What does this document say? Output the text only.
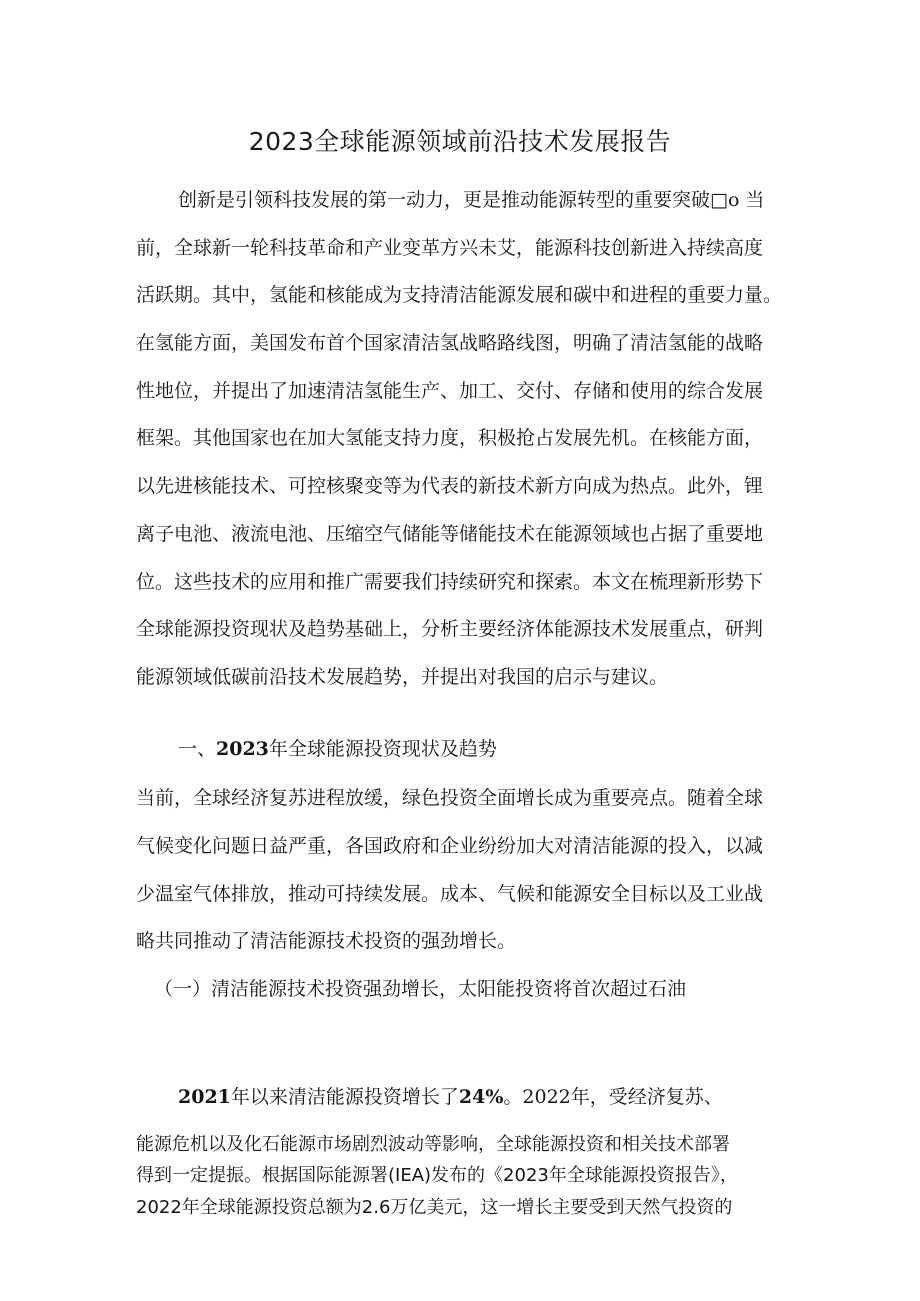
2023全球能源领域前沿技术发展报告
创新是引领科技发展的第一动力，更是推动能源转型的重要突破□o 当
前，全球新一轮科技革命和产业变革方兴未艾，能源科技创新进入持续高度
活跃期。其中，氢能和核能成为支持清洁能源发展和碳中和进程的重要力量。
在氢能方面，美国发布首个国家清洁氢战略路线图，明确了清洁氢能的战略
性地位，并提出了加速清洁氢能生产、加工、交付、存储和使用的综合发展
框架。其他国家也在加大氢能支持力度，积极抢占发展先机。在核能方面，
以先进核能技术、可控核聚变等为代表的新技术新方向成为热点。此外，锂
离子电池、液流电池、压缩空气储能等储能技术在能源领域也占据了重要地
位。这些技术的应用和推广需要我们持续研究和探索。本文在梳理新形势下
全球能源投资现状及趋势基础上，分析主要经济体能源技术发展重点，研判
能源领域低碳前沿技术发展趋势，并提出对我国的启示与建议。
一、2023年全球能源投资现状及趋势
当前，全球经济复苏进程放缓，绿色投资全面增长成为重要亮点。随着全球
气候变化问题日益严重，各国政府和企业纷纷加大对清洁能源的投入，以减
少温室气体排放，推动可持续发展。成本、气候和能源安全目标以及工业战
略共同推动了清洁能源技术投资的强劲增长。
（一）清洁能源技术投资强劲增长，太阳能投资将首次超过石油
2021年以来清洁能源投资增长了24%。2022年，受经济复苏、
能源危机以及化石能源市场剧烈波动等影响，全球能源投资和相关技术部署
得到一定提振。根据国际能源署(IEA)发布的《2023年全球能源投资报告》，
2022年全球能源投资总额为2.6万亿美元，这一增长主要受到天然气投资的
